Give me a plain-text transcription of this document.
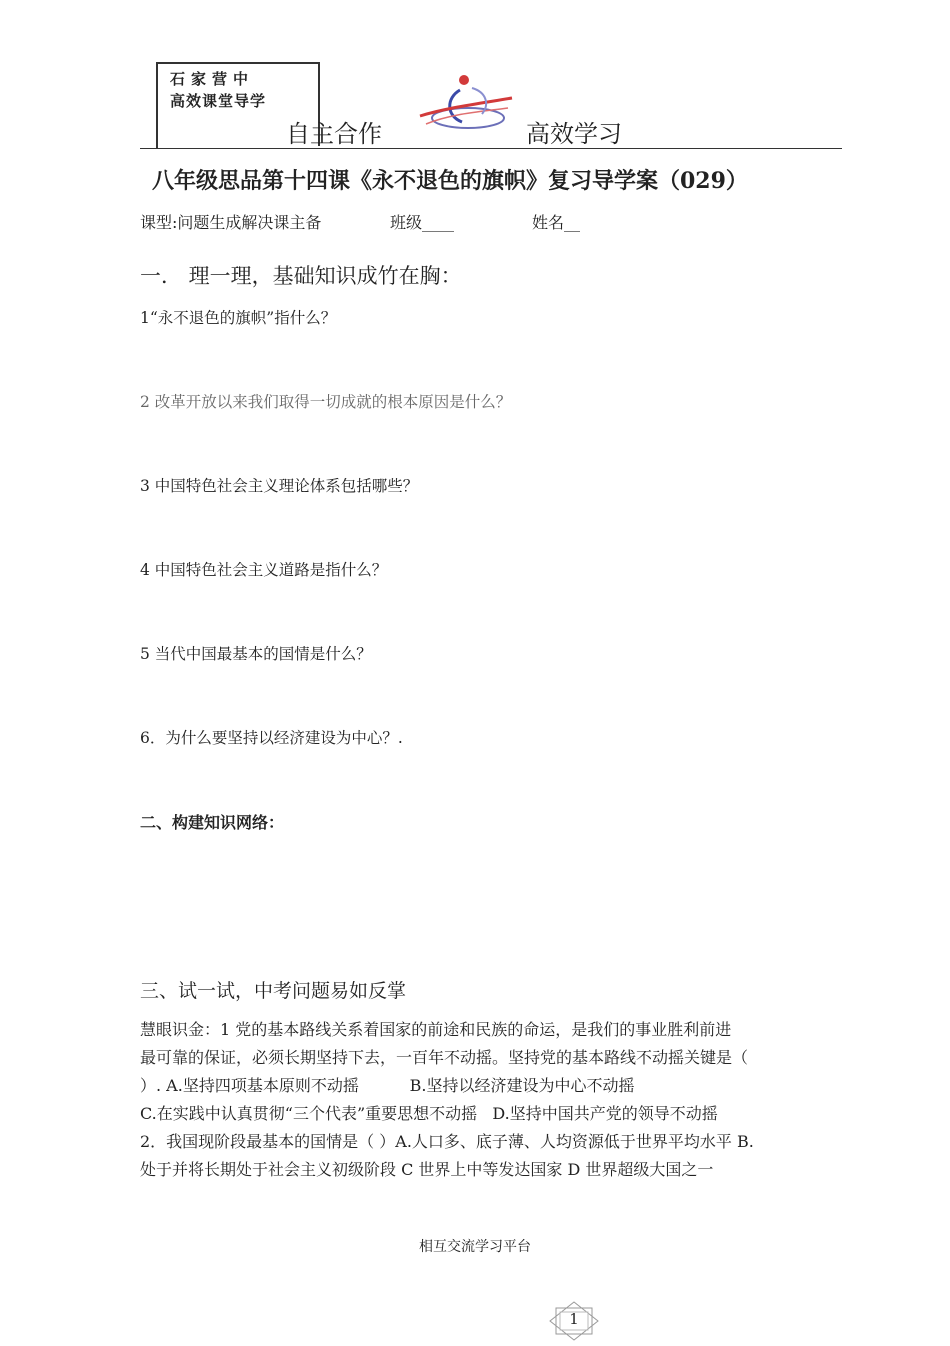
石家营中
高效课堂导学
自主合作	高效学习
八年级思品第十四课《永不退色的旗帜》复习导学案（029）
课型:问题生成解决课主备	班级____	姓名__
一． 理一理，基础知识成竹在胸：
1“永不退色的旗帜”指什么？
2 改革开放以来我们取得一切成就的根本原因是什么？
3 中国特色社会主义理论体系包括哪些？
4 中国特色社会主义道路是指什么？
5 当代中国最基本的国情是什么？
6．为什么要坚持以经济建设为中心？.
二、构建知识网络：
三、试一试，中考问题易如反掌
慧眼识金：1 党的基本路线关系着国家的前途和民族的命运，是我们的事业胜利前进
最可靠的保证，必须长期坚持下去，一百年不动摇。坚持党的基本路线不动摇关键是（
）. A.坚持四项基本原则不动摇          B.坚持以经济建设为中心不动摇
C.在实践中认真贯彻“三个代表”重要思想不动摇   D.坚持中国共产党的领导不动摇
2．我国现阶段最基本的国情是（ ）A.人口多、底子薄、人均资源低于世界平均水平 B.
处于并将长期处于社会主义初级阶段 C 世界上中等发达国家 D 世界超级大国之一
相互交流学习平台
1
